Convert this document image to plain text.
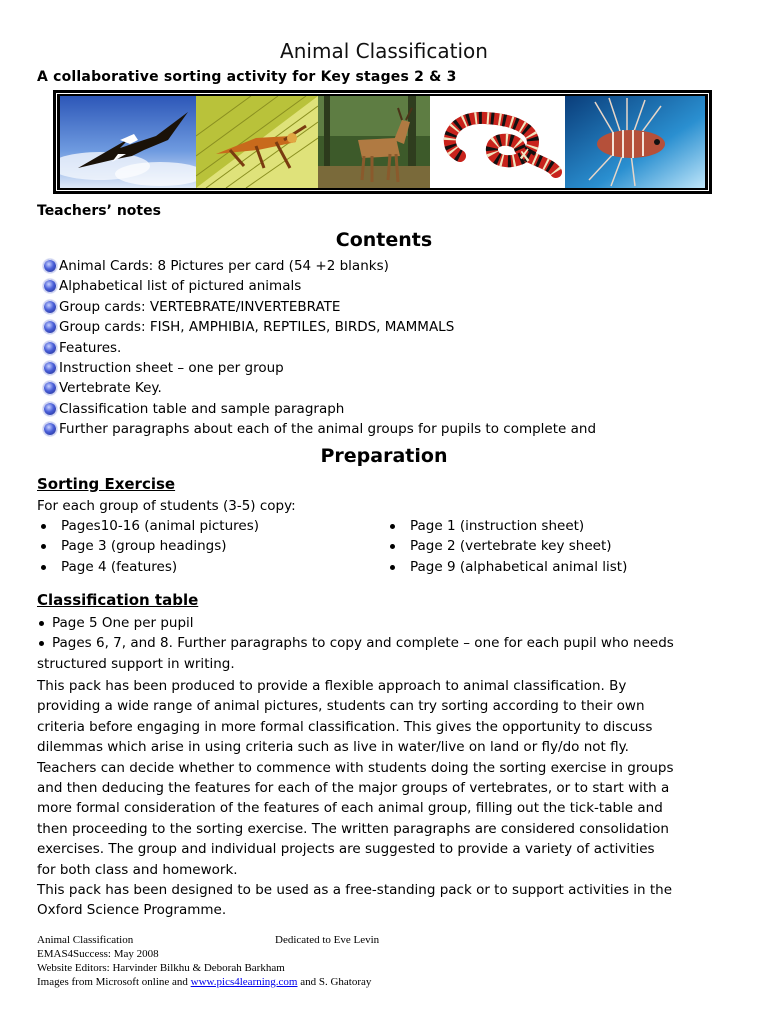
Animal Classification
A collaborative sorting activity for Key stages 2 & 3
Teachers’ notes
Contents
Animal Cards: 8 Pictures per card (54 +2 blanks)
Alphabetical list of pictured animals
Group cards: VERTEBRATE/INVERTEBRATE
Group cards: FISH, AMPHIBIA, REPTILES, BIRDS, MAMMALS
Features.
Instruction sheet – one per group
Vertebrate Key.
Classification table and sample paragraph
Further paragraphs about each of the animal groups for pupils to complete and
Preparation
Sorting Exercise
For each group of students (3-5) copy:
Pages10-16 (animal pictures)
Page 3 (group headings)
Page 4 (features)
Page 1 (instruction sheet)
Page 2 (vertebrate key sheet)
Page 9 (alphabetical animal list)
Classification table
Page 5 One per pupil
Pages 6, 7, and 8. Further paragraphs to copy and complete – one for each pupil who needs
structured support in writing.
This pack has been produced to provide a flexible approach to animal classification. By
providing a wide range of animal pictures, students can try sorting according to their own
criteria before engaging in more formal classification. This gives the opportunity to discuss
dilemmas which arise in using criteria such as live in water/live on land or fly/do not fly.
Teachers can decide whether to commence with students doing the sorting exercise in groups
and then deducing the features for each of the major groups of vertebrates, or to start with a
more formal consideration of the features of each animal group, filling out the tick-table and
then proceeding to the sorting exercise. The written paragraphs are considered consolidation
exercises. The group and individual projects are suggested to provide a variety of activities
for both class and homework.
This pack has been designed to be used as a free-standing pack or to support activities in the
Oxford Science Programme.
Animal Classification	Dedicated to Eve Levin
EMAS4Success: May 2008
Website Editors: Harvinder Bilkhu & Deborah Barkham
Images from Microsoft online and www.pics4learning.com and S. Ghatoray
